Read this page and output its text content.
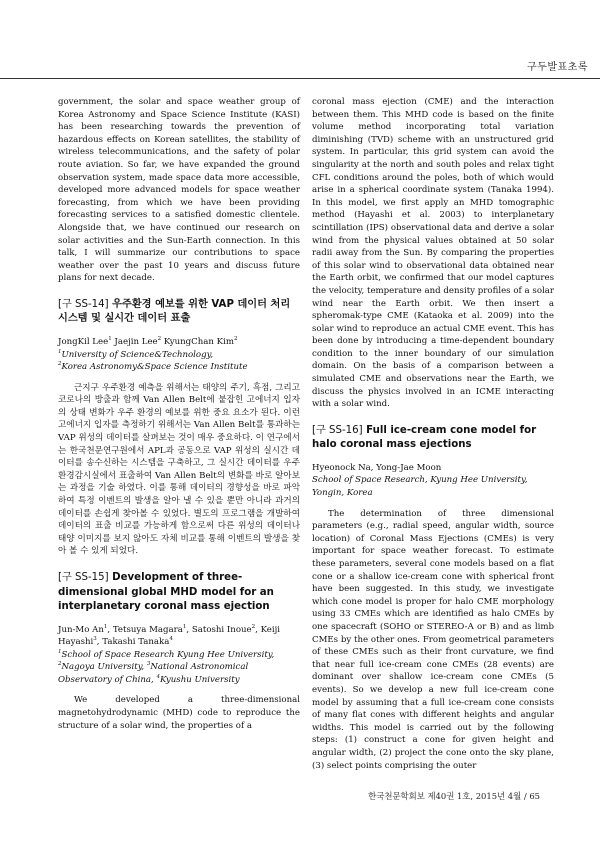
구두발표초록

government, the solar and space weather group of Korea Astronomy and Space Science Institute (KASI) has been researching towards the prevention of hazardous effects on Korean satellites, the stability of wireless telecommunications, and the safety of polar route aviation. So far, we have expanded the ground observation system, made space data more accessible, developed more advanced models for space weather forecasting, from which we have been providing forecasting services to a satisfied domestic clientele. Alongside that, we have continued our research on solar activities and the Sun-Earth connection. In this talk, I will summarize our contributions to space weather over the past 10 years and discuss future plans for next decade.

[구 SS-14] 우주환경 예보를 위한 VAP 데이터 처리 시스템 및 실시간 데이터 표출

JongKil Lee$^1$ Jaejin Lee$^2$ KyungChan Kim$^2$

$^1$University of Science&Technology,
$^2$Korea Astronomy&Space Science Institute

근지구 우주환경 예측을 위해서는 태양의 주기, 흑점, 그리고 코로나의 방출과 함께 Van Allen Belt에 붙잡힌 고에너지 입자의 상태 변화가 우주 환경의 예보를 위한 중요 요소가 된다. 이런 고에너지 입자를 측정하기 위해서는 Van Allen Belt를 통과하는 VAP 위성의 데이터를 살펴보는 것이 매우 중요하다. 이 연구에서는 한국천문연구원에서 APL과 공동으로 VAP 위성의 실시간 데이터를 송수신하는 시스템을 구축하고, 그 실시간 데이터를 우주환경감시실에서 표출하여 Van Allen Belt의 변화를 바로 알아보는 과정을 기술 하였다. 이를 통해 데이터의 경향성을 바로 파악하여 특정 이벤트의 발생을 알아 낼 수 있을 뿐만 아니라 과거의 데이터를 손쉽게 찾아볼 수 있었다. 별도의 프로그램을 개발하여 데이터의 표출 비교를 가능하게 함으로써 다른 위성의 데이터나 태양 이미지를 보지 않아도 자체 비교를 통해 이벤트의 발생을 찾아 볼 수 있게 되었다.

[구 SS-15] Development of three-dimensional global MHD model for an interplanetary coronal mass ejection

Jun-Mo An$^1$, Tetsuya Magara$^1$, Satoshi Inoue$^2$, Keiji Hayashi$^3$, Takashi Tanaka$^4$

$^1$School of Space Research Kyung Hee University, $^2$Nagoya University, $^3$National Astronomical Observatory of China, $^4$Kyushu University

We developed a three-dimensional magnetohydrodynamic (MHD) code to reproduce the structure of a solar wind, the properties of a

coronal mass ejection (CME) and the interaction between them. This MHD code is based on the finite volume method incorporating total variation diminishing (TVD) scheme with an unstructured grid system. In particular, this grid system can avoid the singularity at the north and south poles and relax tight CFL conditions around the poles, both of which would arise in a spherical coordinate system (Tanaka 1994). In this model, we first apply an MHD tomographic method (Hayashi et al. 2003) to interplanetary scintillation (IPS) observational data and derive a solar wind from the physical values obtained at 50 solar radii away from the Sun. By comparing the properties of this solar wind to observational data obtained near the Earth orbit, we confirmed that our model captures the velocity, temperature and density profiles of a solar wind near the Earth orbit. We then insert a spheromak-type CME (Kataoka et al. 2009) into the solar wind to reproduce an actual CME event. This has been done by introducing a time-dependent boundary condition to the inner boundary of our simulation domain. On the basis of a comparison between a simulated CME and observations near the Earth, we discuss the physics involved in an ICME interacting with a solar wind.

[구 SS-16] Full ice-cream cone model for halo coronal mass ejections

Hyeonock Na, Yong-Jae Moon

School of Space Research, Kyung Hee University, Yongin, Korea

The determination of three dimensional parameters (e.g., radial speed, angular width, source location) of Coronal Mass Ejections (CMEs) is very important for space weather forecast. To estimate these parameters, several cone models based on a flat cone or a shallow ice-cream cone with spherical front have been suggested. In this study, we investigate which cone model is proper for halo CME morphology using 33 CMEs which are identified as halo CMEs by one spacecraft (SOHO or STEREO-A or B) and as limb CMEs by the other ones. From geometrical parameters of these CMEs such as their front curvature, we find that near full ice-cream cone CMEs (28 events) are dominant over shallow ice-cream cone CMEs (5 events). So we develop a new full ice-cream cone model by assuming that a full ice-cream cone consists of many flat cones with different heights and angular widths. This model is carried out by the following steps: (1) construct a cone for given height and angular width, (2) project the cone onto the sky plane, (3) select points comprising the outer

한국천문학회보 제40권 1호, 2015년 4월 / 65
